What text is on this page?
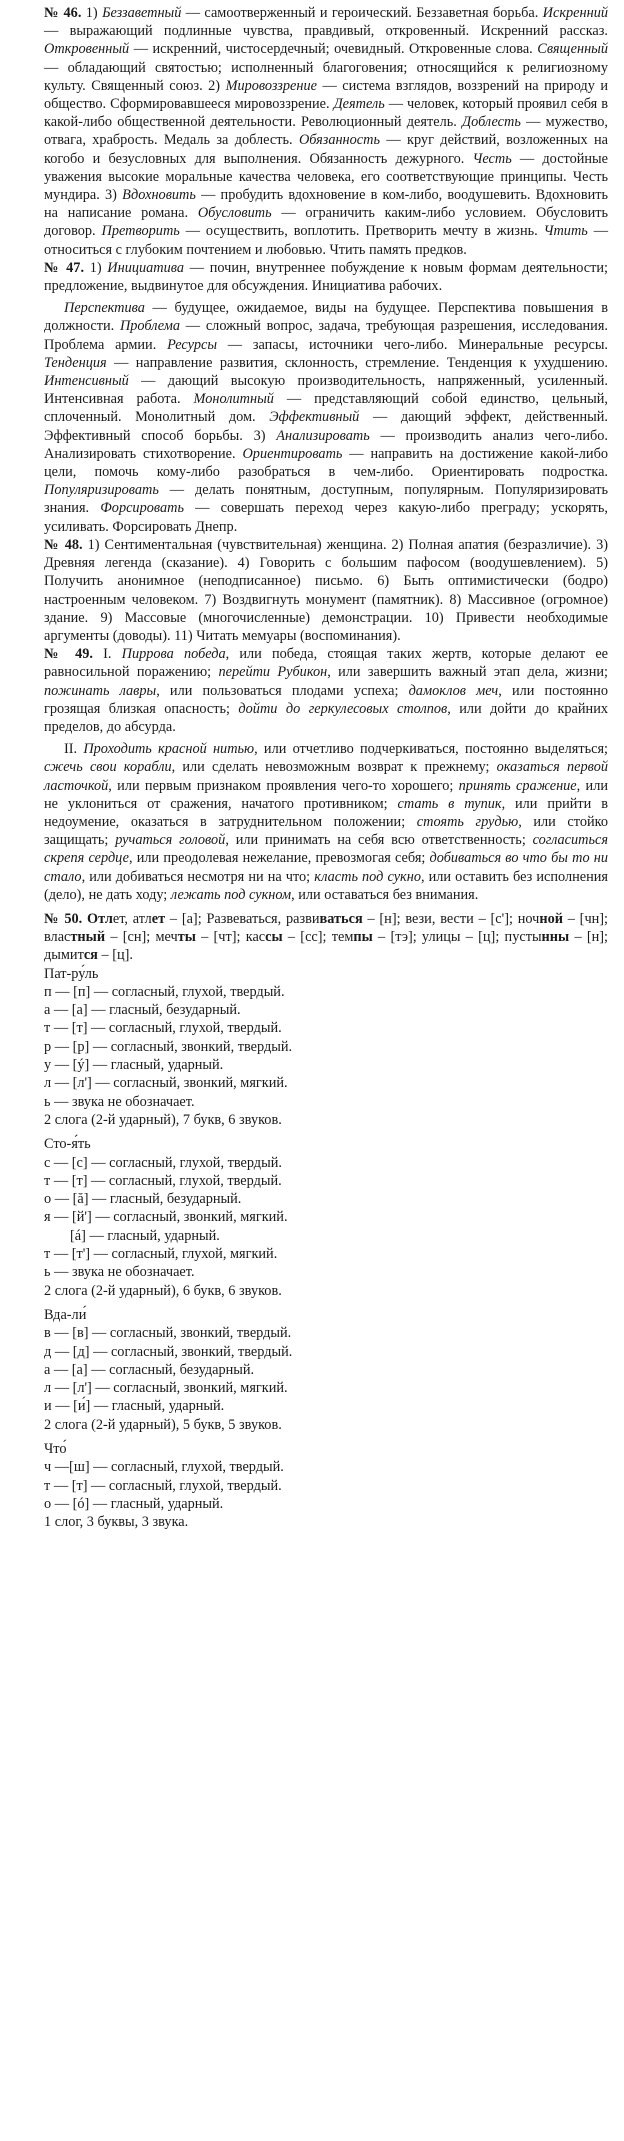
№ 46. 1) Беззаветный — самоотверженный и героический. Беззаветная борьба. Искренний — выражающий подлинные чувства, правдивый, откровенный. Искренний рассказ. Откровенный — искренний, чистосердечный; очевидный. Откровенные слова. Священный — обладающий святостью; исполненный благоговения; относящийся к религиозному культу. Священный союз. 2) Мировоззрение — система взглядов, воззрений на природу и общество. Сформировавшееся мировоззрение. Деятель — человек, который проявил себя в какой-либо общественной деятельности. Революционный деятель. Доблесть — мужество, отвага, храбрость. Медаль за доблесть. Обязанность — круг действий, возложенных на когобо и безусловных для выполнения. Обязанность дежурного. Честь — достойные уважения высокие моральные качества человека, его соответствующие принципы. Честь мундира. 3) Вдохновить — пробудить вдохновение в ком-либо, воодушевить. Вдохновить на написание романа. Обусловить — ограничить каким-либо условием. Обусловить договор. Претворить — осуществить, воплотить. Претворить мечту в жизнь. Чтить — относиться с глубоким почтением и любовью. Чтить память предков.

№ 47. 1) Инициатива — почин, внутреннее побуждение к новым формам деятельности; предложение, выдвинутое для обсуждения. Инициатива рабочих.

Перспектива — будущее, ожидаемое, виды на будущее. Перспектива повышения в должности. Проблема — сложный вопрос, задача, требующая разрешения, исследования. Проблема армии. Ресурсы — запасы, источники чего-либо. Минеральные ресурсы. Тенденция — направление развития, склонность, стремление. Тенденция к ухудшению. Интенсивный — дающий высокую производительность, напряженный, усиленный. Интенсивная работа. Монолитный — представляющий собой единство, цельный, сплоченный. Монолитный дом. Эффективный — дающий эффект, действенный. Эффективный способ борьбы. 3) Анализировать — производить анализ чего-либо. Анализировать стихотворение. Ориентировать — направить на достижение какой-либо цели, помочь кому-либо разобраться в чем-либо. Ориентировать подростка. Популяризировать — делать понятным, доступным, популярным. Популяризировать знания. Форсировать — совершать переход через какую-либо преграду; ускорять, усиливать. Форсировать Днепр.

№ 48. 1) Сентиментальная (чувствительная) женщина. 2) Полная апатия (безразличие). 3) Древняя легенда (сказание). 4) Говорить с большим пафосом (воодушевлением). 5) Получить анонимное (неподписанное) письмо. 6) Быть оптимистически (бодро) настроенным человеком. 7) Воздвигнуть монумент (памятник). 8) Массивное (огромное) здание. 9) Массовые (многочисленные) демонстрации. 10) Привести необходимые аргументы (доводы). 11) Читать мемуары (воспоминания).

№ 49. I. Пиррова победа, или победа, стоящая таких жертв, которые делают ее равносильной поражению; перейти Рубикон, или завершить важный этап дела, жизни; пожинать лавры, или пользоваться плодами успеха; дамоклов меч, или постоянно грозящая близкая опасность; дойти до геркулесовых столпов, или дойти до крайних пределов, до абсурда.

II. Проходить красной нитью, или отчетливо подчеркиваться, постоянно выделяться; сжечь свои корабли, или сделать невозможным возврат к прежнему; оказаться первой ласточкой, или первым признаком проявления чего-то хорошего; принять сражение, или не уклониться от сражения, начатого противником; стать в тупик, или прийти в недоумение, оказаться в затруднительном положении; стоять грудью, или стойко защищать; ручаться головой, или принимать на себя всю ответственность; согласиться скрепя сердце, или преодолевая нежелание, превозмогая себя; добиваться во что бы то ни стало, или добиваться несмотря ни на что; класть под сукно, или оставить без исполнения (дело), не дать ходу; лежать под сукном, или оставаться без внимания.

№ 50. Отлет, атлет – [а]; Развеваться, развиваться – [н]; вези, вести – [с']; ночной – [чн]; властный – [сн]; мечты – [чт]; кассы – [сс]; темпы – [тэ]; улицы – [ц]; пустынны – [н]; дымится – [ц].

Пат-ру́ль
п — [п] — согласный, глухой, твердый.
а — [а] — гласный, безударный.
т — [т] — согласный, глухой, твердый.
р — [р] — согласный, звонкий, твердый.
у — [ý] — гласный, ударный.
л — [л'] — согласный, звонкий, мягкий.
ь — звука не обозначает.
2 слога (2-й ударный), 7 букв, 6 звуков.
Сто-я́ть
с — [с] — согласный, глухой, твердый.
т — [т] — согласный, глухой, твердый.
о — [ă] — гласный, безударный.
я — [й'] — согласный, звонкий, мягкий.
[á] — гласный, ударный.
т — [т'] — согласный, глухой, мягкий.
ь — звука не обозначает.
2 слога (2-й ударный), 6 букв, 6 звуков.
Вда-ли́
в — [в] — согласный, звонкий, твердый.
д — [д] — согласный, звонкий, твердый.
а — [а] — согласный, безударный.
л — [л'] — согласный, звонкий, мягкий.
и — [и́] — гласный, ударный.
2 слога (2-й ударный), 5 букв, 5 звуков.
Что́
ч —[ш] — согласный, глухой, твердый.
т — [т] — согласный, глухой, твердый.
о — [ó] — гласный, ударный.
1 слог, 3 буквы, 3 звука.
